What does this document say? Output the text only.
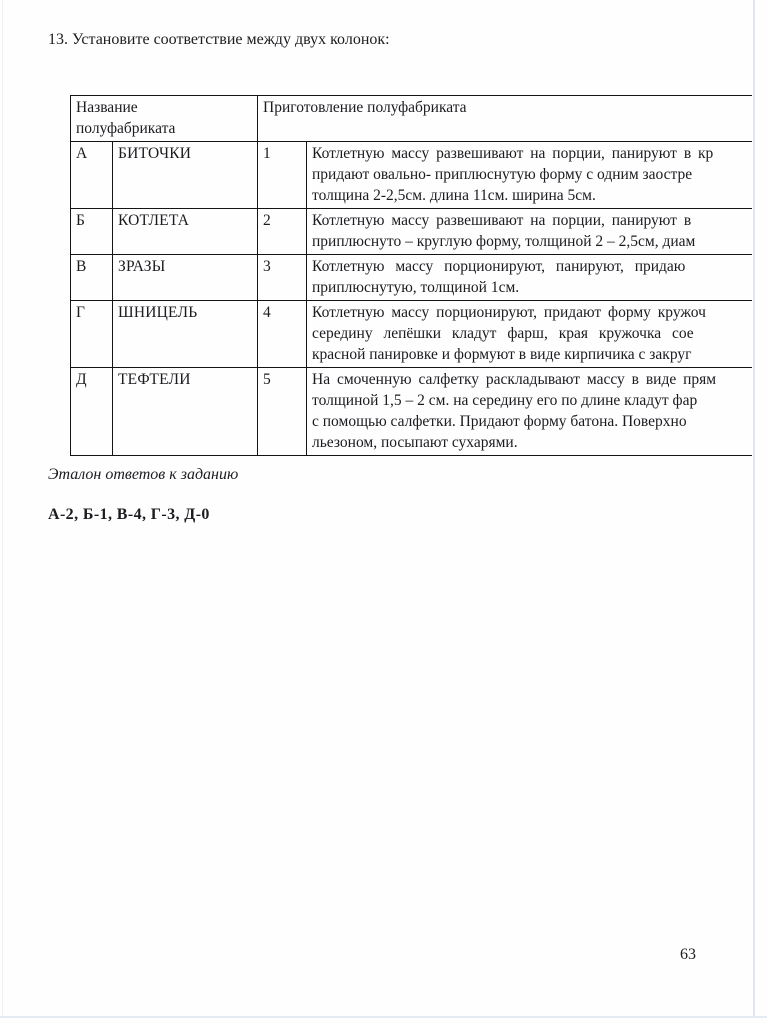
13. Установите соответствие между двух колонок:
Название полуфабриката		Приготовление полуфабриката	
А	БИТОЧКИ	1	Котлетную массу развешивают на порции, панируют в кр
придают овально- приплюснутую форму с одним заостре
толщина 2-2,5см. длина 11см. ширина 5см.

Б	КОТЛЕТА	2	Котлетную массу развешивают на порции, панируют в
приплюснуто – круглую форму, толщиной 2 – 2,5см, диам

В	ЗРАЗЫ	3	Котлетную массу порционируют, панируют, придаю
приплюснутую, толщиной 1см.

Г	ШНИЦЕЛЬ	4	Котлетную массу порционируют, придают форму кружоч
середину лепёшки кладут фарш, края кружочка сое
красной панировке и формуют в виде кирпичика с закруг

Д	ТЕФТЕЛИ	5	На смоченную салфетку раскладывают массу в виде прям
толщиной 1,5 – 2 см. на середину его по длине кладут фар
с помощью салфетки. Придают форму батона. Поверхно
льезоном, посыпают сухарями.
Эталон ответов к заданию
А-2, Б-1, В-4, Г-3, Д-0
63
